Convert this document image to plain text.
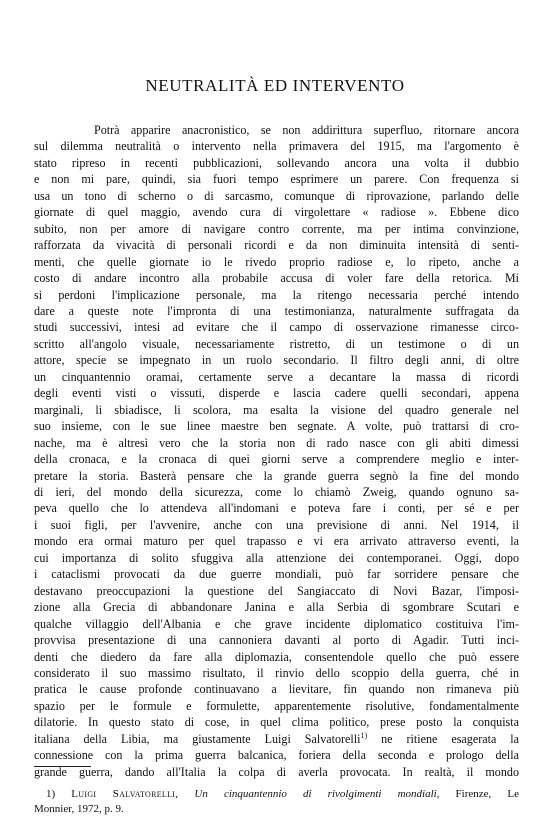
NEUTRALITÀ ED INTERVENTO
Potrà apparire anacronistico, se non addirittura superfluo, ritornare ancora
sul dilemma neutralità o intervento nella primavera del 1915, ma l'argomento è
stato ripreso in recenti pubblicazioni, sollevando ancora una volta il dubbio
e non mi pare, quindi, sia fuori tempo esprimere un parere. Con frequenza si
usa un tono di scherno o di sarcasmo, comunque di riprovazione, parlando delle
giornate di quel maggio, avendo cura di virgolettare « radiose ». Ebbene dico
subito, non per amore di navigare contro corrente, ma per intima convinzione,
rafforzata da vivacità di personali ricordi e da non diminuita intensità di senti-
menti, che quelle giornate io le rivedo proprio radiose e, lo ripeto, anche a
costo di andare incontro alla probabile accusa di voler fare della retorica. Mi
si perdoni l'implicazione personale, ma la ritengo necessaria perché intendo
dare a queste note l'impronta di una testimonianza, naturalmente suffragata da
studi successivi, intesi ad evitare che il campo di osservazione rimanesse circo-
scritto all'angolo visuale, necessariamente ristretto, di un testimone o di un
attore, specie se impegnato in un ruolo secondario. Il filtro degli anni, di oltre
un cinquantennio oramai, certamente serve a decantare la massa di ricordi
degli eventi visti o vissuti, disperde e lascia cadere quelli secondari, appena
marginali, li sbiadisce, li scolora, ma esalta la visione del quadro generale nel
suo insieme, con le sue linee maestre ben segnate. A volte, può trattarsi di cro-
nache, ma è altresì vero che la storia non di rado nasce con gli abiti dimessi
della cronaca, e la cronaca di quei giorni serve a comprendere meglio e inter-
pretare la storia. Basterà pensare che la grande guerra segnò la fine del mondo
di ieri, del mondo della sicurezza, come lo chiamò Zweig, quando ognuno sa-
peva quello che lo attendeva all'indomani e poteva fare i conti, per sé e per
i suoi figli, per l'avvenire, anche con una previsione di anni. Nel 1914, il
mondo era ormai maturo per quel trapasso e vi era arrivato attraverso eventi, la
cui importanza di solito sfuggiva alla attenzione dei contemporanei. Oggi, dopo
i cataclismi provocati da due guerre mondiali, può far sorridere pensare che
destavano preoccupazioni la questione del Sangiaccato di Novi Bazar, l'imposi-
zione alla Grecia di abbandonare Janina e alla Serbia di sgombrare Scutari e
qualche villaggio dell'Albania e che grave incidente diplomatico costituiva l'im-
provvisa presentazione di una cannoniera davanti al porto di Agadir. Tutti inci-
denti che diedero da fare alla diplomazia, consentendole quello che può essere
considerato il suo massimo risultato, il rinvio dello scoppio della guerra, ché in
pratica le cause profonde continuavano a lievitare, fin quando non rimaneva più
spazio per le formule e formulette, apparentemente risolutive, fondamentalmente
dilatorie. In questo stato di cose, in quel clima politico, prese posto la conquista
italiana della Libia, ma giustamente Luigi Salvatorelli$^{1)}$ ne ritiene esagerata la
connessione con la prima guerra balcanica, foriera della seconda e prologo della
grande guerra, dando all'Italia la colpa di averla provocata. In realtà, il mondo
1) Luigi Salvatorelli, Un cinquantennio di rivolgimenti mondiali, Firenze, Le
Monnier, 1972, p. 9.
